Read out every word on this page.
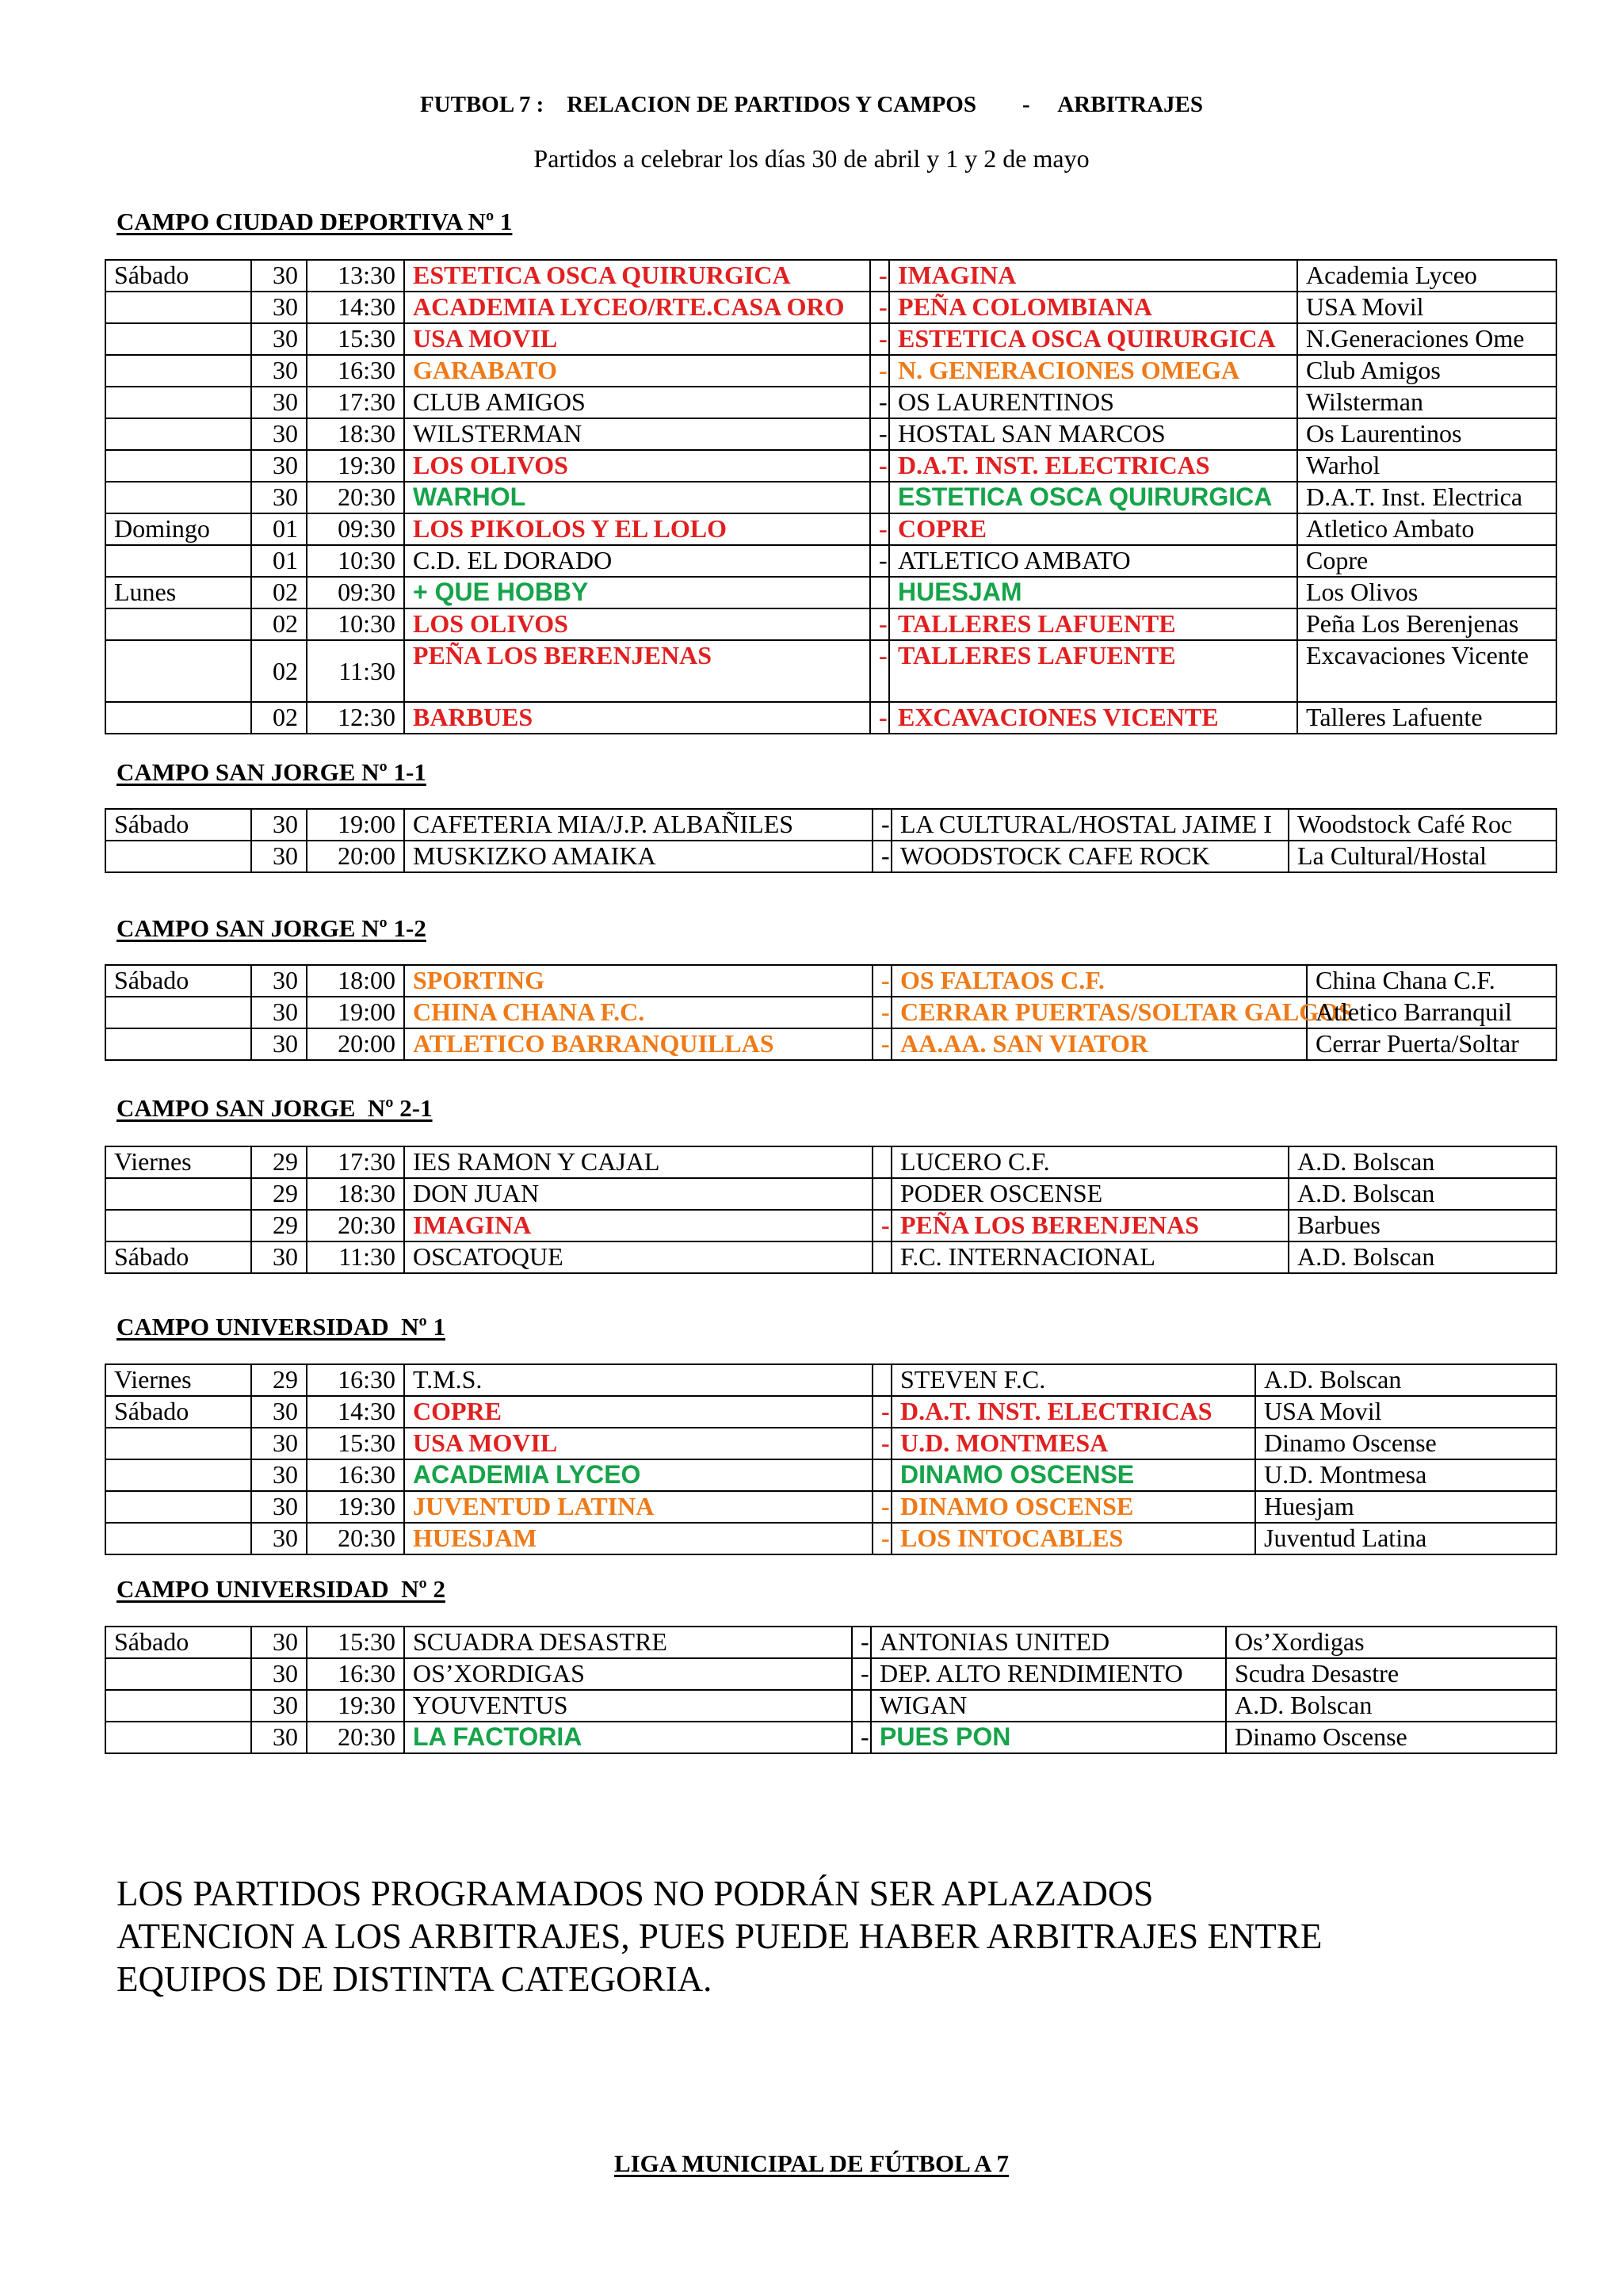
FUTBOL 7 :    RELACION DE PARTIDOS Y CAMPOS        -     ARBITRAJES
Partidos a celebrar los días 30 de abril y 1 y 2 de mayo
CAMPO CIUDAD DEPORTIVA Nº 1
Sábado	30	13:30	ESTETICA OSCA QUIRURGICA	-	IMAGINA	Academia Lyceo
	30	14:30	ACADEMIA LYCEO/RTE.CASA ORO	-	PEÑA COLOMBIANA	USA Movil
	30	15:30	USA MOVIL	-	ESTETICA OSCA QUIRURGICA	N.Generaciones Ome
	30	16:30	GARABATO	-	N. GENERACIONES OMEGA	Club Amigos
	30	17:30	CLUB AMIGOS	-	OS LAURENTINOS	Wilsterman
	30	18:30	WILSTERMAN	-	HOSTAL SAN MARCOS	Os Laurentinos
	30	19:30	LOS OLIVOS	-	D.A.T. INST. ELECTRICAS	Warhol
	30	20:30	WARHOL		ESTETICA OSCA QUIRURGICA	D.A.T. Inst. Electrica
Domingo	01	09:30	LOS PIKOLOS Y EL LOLO	-	COPRE	Atletico Ambato
	01	10:30	C.D. EL DORADO	-	ATLETICO AMBATO	Copre
Lunes	02	09:30	+ QUE HOBBY		HUESJAM	Los Olivos
	02	10:30	LOS OLIVOS	-	TALLERES LAFUENTE	Peña Los Berenjenas
	02	11:30	PEÑA LOS BERENJENAS	-	TALLERES LAFUENTE	Excavaciones Vicente
	02	12:30	BARBUES	-	EXCAVACIONES VICENTE	Talleres Lafuente
CAMPO SAN JORGE Nº 1-1
Sábado	30	19:00	CAFETERIA MIA/J.P. ALBAÑILES	-	LA CULTURAL/HOSTAL JAIME I	Woodstock Café Roc
	30	20:00	MUSKIZKO AMAIKA	-	WOODSTOCK CAFE ROCK	La Cultural/Hostal
CAMPO SAN JORGE Nº 1-2
Sábado	30	18:00	SPORTING	-	OS FALTAOS C.F.	China Chana C.F.
	30	19:00	CHINA CHANA F.C.	-	CERRAR PUERTAS/SOLTAR GALGOS	Atletico Barranquil
	30	20:00	ATLETICO BARRANQUILLAS	-	AA.AA. SAN VIATOR	Cerrar Puerta/Soltar
CAMPO SAN JORGE  Nº 2-1
Viernes	29	17:30	IES RAMON Y CAJAL		LUCERO C.F.	A.D. Bolscan
	29	18:30	DON JUAN		PODER OSCENSE	A.D. Bolscan
	29	20:30	IMAGINA	-	PEÑA LOS BERENJENAS	Barbues
Sábado	30	11:30	OSCATOQUE		F.C. INTERNACIONAL	A.D. Bolscan
CAMPO UNIVERSIDAD  Nº 1
Viernes	29	16:30	T.M.S.		STEVEN F.C.	A.D. Bolscan
Sábado	30	14:30	COPRE	-	D.A.T. INST. ELECTRICAS	USA Movil
	30	15:30	USA MOVIL	-	U.D. MONTMESA	Dinamo Oscense
	30	16:30	ACADEMIA LYCEO		DINAMO OSCENSE	U.D. Montmesa
	30	19:30	JUVENTUD LATINA	-	DINAMO OSCENSE	Huesjam
	30	20:30	HUESJAM	-	LOS INTOCABLES	Juventud Latina
CAMPO UNIVERSIDAD  Nº 2
Sábado	30	15:30	SCUADRA DESASTRE	-	ANTONIAS UNITED	Os’Xordigas
	30	16:30	OS’XORDIGAS	-	DEP. ALTO RENDIMIENTO	Scudra Desastre
	30	19:30	YOUVENTUS		WIGAN	A.D. Bolscan
	30	20:30	LA FACTORIA	-	PUES PON	Dinamo Oscense
LOS PARTIDOS PROGRAMADOS NO PODRÁN SER APLAZADOS
ATENCION A LOS ARBITRAJES, PUES PUEDE HABER ARBITRAJES ENTRE
EQUIPOS DE DISTINTA CATEGORIA.
LIGA MUNICIPAL DE FÚTBOL A 7
